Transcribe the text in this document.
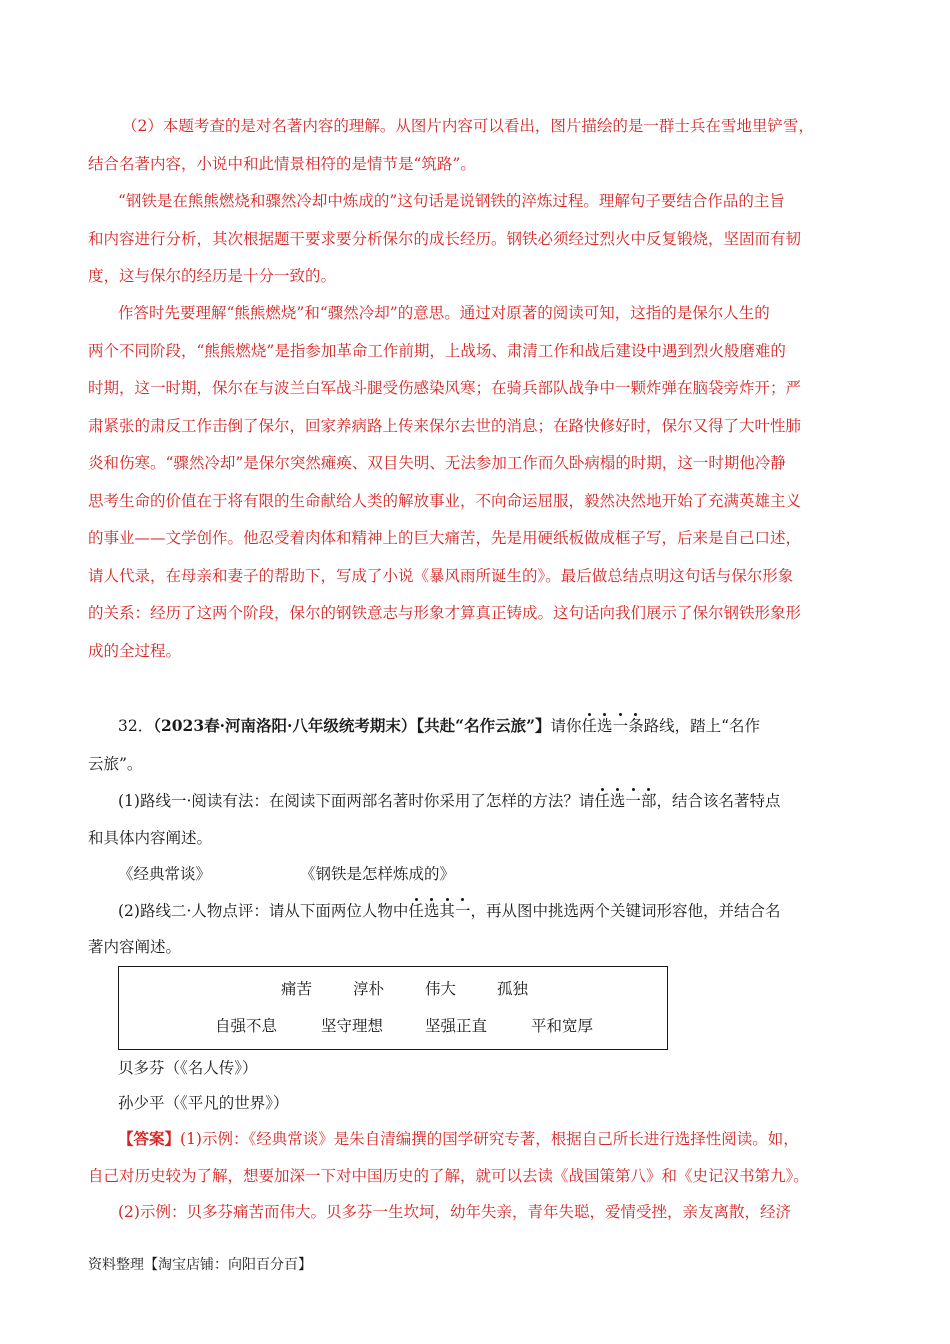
（2）本题考查的是对名著内容的理解。从图片内容可以看出，图片描绘的是一群士兵在雪地里铲雪，
结合名著内容，小说中和此情景相符的是情节是“筑路”。
“钢铁是在熊熊燃烧和骤然冷却中炼成的”这句话是说钢铁的淬炼过程。理解句子要结合作品的主旨
和内容进行分析，其次根据题干要求要分析保尔的成长经历。钢铁必须经过烈火中反复锻烧，坚固而有韧
度，这与保尔的经历是十分一致的。
作答时先要理解“熊熊燃烧”和“骤然冷却”的意思。通过对原著的阅读可知，这指的是保尔人生的
两个不同阶段，“熊熊燃烧”是指参加革命工作前期，上战场、肃清工作和战后建设中遇到烈火般磨难的
时期，这一时期，保尔在与波兰白军战斗腿受伤感染风寒；在骑兵部队战争中一颗炸弹在脑袋旁炸开；严
肃紧张的肃反工作击倒了保尔，回家养病路上传来保尔去世的消息；在路快修好时，保尔又得了大叶性肺
炎和伤寒。“骤然冷却”是保尔突然瘫痪、双目失明、无法参加工作而久卧病榻的时期，这一时期他冷静
思考生命的价值在于将有限的生命献给人类的解放事业，不向命运屈服，毅然决然地开始了充满英雄主义
的事业——文学创作。他忍受着肉体和精神上的巨大痛苦，先是用硬纸板做成框子写，后来是自己口述，
请人代录，在母亲和妻子的帮助下，写成了小说《暴风雨所诞生的》。最后做总结点明这句话与保尔形象
的关系：经历了这两个阶段，保尔的钢铁意志与形象才算真正铸成。这句话向我们展示了保尔钢铁形象形
成的全过程。
32．（2023春·河南洛阳·八年级统考期末）【共赴“名作云旅”】请你任选一条路线，踏上“名作
云旅”。
(1)路线一·阅读有法：在阅读下面两部名著时你采用了怎样的方法？请任选一部，结合该名著特点
和具体内容阐述。
《经典常谈》	《钢铁是怎样炼成的》
(2)路线二·人物点评：请从下面两位人物中任选其一，再从图中挑选两个关键词形容他，并结合名
著内容阐述。
痛苦	淳朴	伟大	孤独
自强不息	坚守理想	坚强正直	平和宽厚
贝多芬（《名人传》）
孙少平（《平凡的世界》）
【答案】(1)示例：《经典常谈》是朱自清编撰的国学研究专著，根据自己所长进行选择性阅读。如，
自己对历史较为了解，想要加深一下对中国历史的了解，就可以去读《战国策第八》和《史记汉书第九》。
(2)示例：贝多芬痛苦而伟大。贝多芬一生坎坷，幼年失亲，青年失聪，爱情受挫，亲友离散，经济
资料整理【淘宝店铺：向阳百分百】
